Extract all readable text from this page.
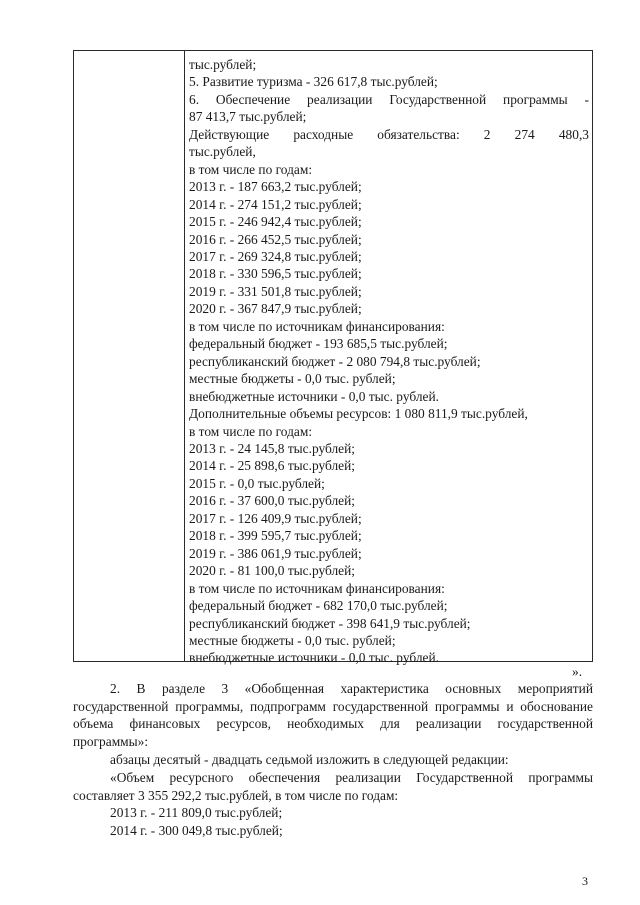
тыс.рублей;
5. Развитие туризма - 326 617,8 тыс.рублей;
6. Обеспечение реализации Государственной программы -
87 413,7 тыс.рублей;
Действующие расходные обязательства: 2 274 480,3
тыс.рублей,
в том числе по годам:
2013 г. - 187 663,2 тыс.рублей;
2014 г. - 274 151,2 тыс.рублей;
2015 г. - 246 942,4 тыс.рублей;
2016 г. - 266 452,5 тыс.рублей;
2017 г. - 269 324,8 тыс.рублей;
2018 г. - 330 596,5 тыс.рублей;
2019 г. - 331 501,8 тыс.рублей;
2020 г. - 367 847,9 тыс.рублей;
в том числе по источникам финансирования:
федеральный бюджет - 193 685,5 тыс.рублей;
республиканский бюджет - 2 080 794,8 тыс.рублей;
местные бюджеты - 0,0 тыс. рублей;
внебюджетные источники - 0,0 тыс. рублей.
Дополнительные объемы ресурсов: 1 080 811,9 тыс.рублей,
в том числе по годам:
2013 г. - 24 145,8 тыс.рублей;
2014 г. - 25 898,6 тыс.рублей;
2015 г. - 0,0 тыс.рублей;
2016 г. - 37 600,0 тыс.рублей;
2017 г. - 126 409,9 тыс.рублей;
2018 г. - 399 595,7 тыс.рублей;
2019 г. - 386 061,9 тыс.рублей;
2020 г. - 81 100,0 тыс.рублей;
в том числе по источникам финансирования:
федеральный бюджет - 682 170,0 тыс.рублей;
республиканский бюджет - 398 641,9 тыс.рублей;
местные бюджеты - 0,0 тыс. рублей;
внебюджетные источники - 0,0 тыс. рублей.
».
2. В разделе 3 «Обобщенная характеристика основных мероприятий государственной программы, подпрограмм государственной программы и обоснование объема финансовых ресурсов, необходимых для реализации государственной программы»:
абзацы десятый - двадцать седьмой изложить в следующей редакции:
«Объем ресурсного обеспечения реализации Государственной программы составляет 3 355 292,2 тыс.рублей, в том числе по годам:
2013 г. - 211 809,0 тыс.рублей;
2014 г. - 300 049,8 тыс.рублей;
3
